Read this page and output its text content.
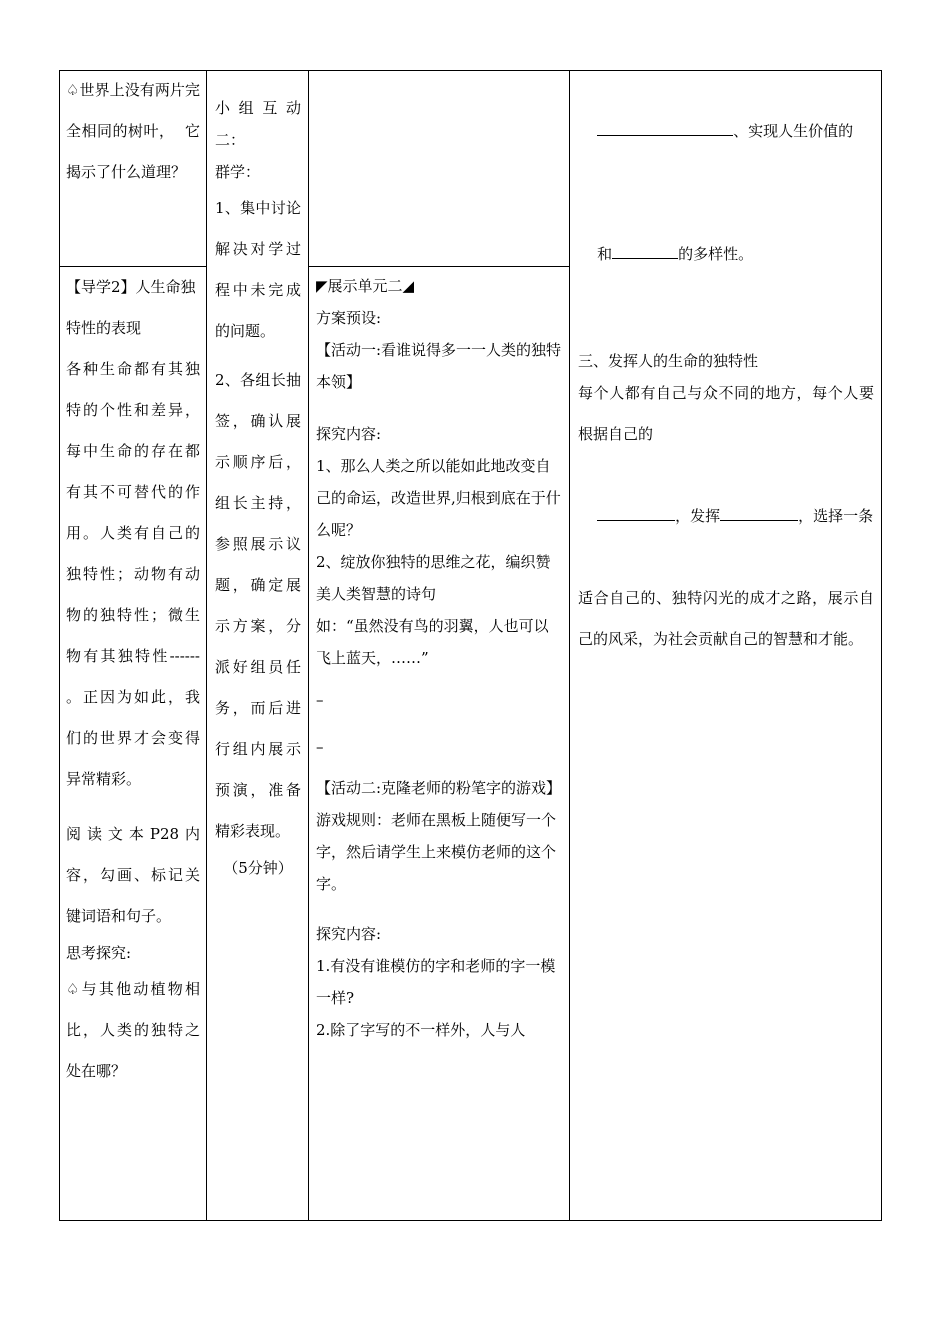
♤世界上没有两片完全相同的树叶，  它揭示了什么道理？

【导学2】人生命独特性的表现

各种生命都有其独特的个性和差异，每中生命的存在都有其不可替代的作用。人类有自己的独特性；动物有动物的独特性；微生物有其独特性------ 。正因为如此，我们的世界才会变得异常精彩。

阅读文本P28内容，勾画、标记关键词语和句子。

思考探究:

♤与其他动植物相比，人类的独特之处在哪？

小 组 互 动 二：

群学：

1、集中讨论解决对学过程中未完成的问题。

2、各组长抽签，确认展示顺序后，组长主持，参照展示议题，确定展示方案，分派好组员任务，而后进行组内展示预演，准备精彩表现。

（5分钟）

◤展示单元二◢

方案预设:

【活动一:看谁说得多一一人类的独特本领】

探究内容:

1、那么人类之所以能如此地改变自己的命运，改造世界,归根到底在于什么呢？

2、绽放你独特的思维之花，编织赞美人类智慧的诗句

如：“虽然没有鸟的羽翼，人也可以飞上蓝天，……”

–

–

【活动二:克隆老师的粉笔字的游戏】

游戏规则：老师在黑板上随便写一个字，然后请学生上来模仿老师的这个字。

探究内容:

1.有没有谁模仿的字和老师的字一模一样?

2.除了字写的不一样外，人与人

、实现人生价值的

和	的多样性。

三、发挥人的生命的独特性

每个人都有自己与众不同的地方，每个人要根据自己的

，发挥	，选择一条

适合自己的、独特闪光的成才之路，展示自己的风采，为社会贡献自己的智慧和才能。
